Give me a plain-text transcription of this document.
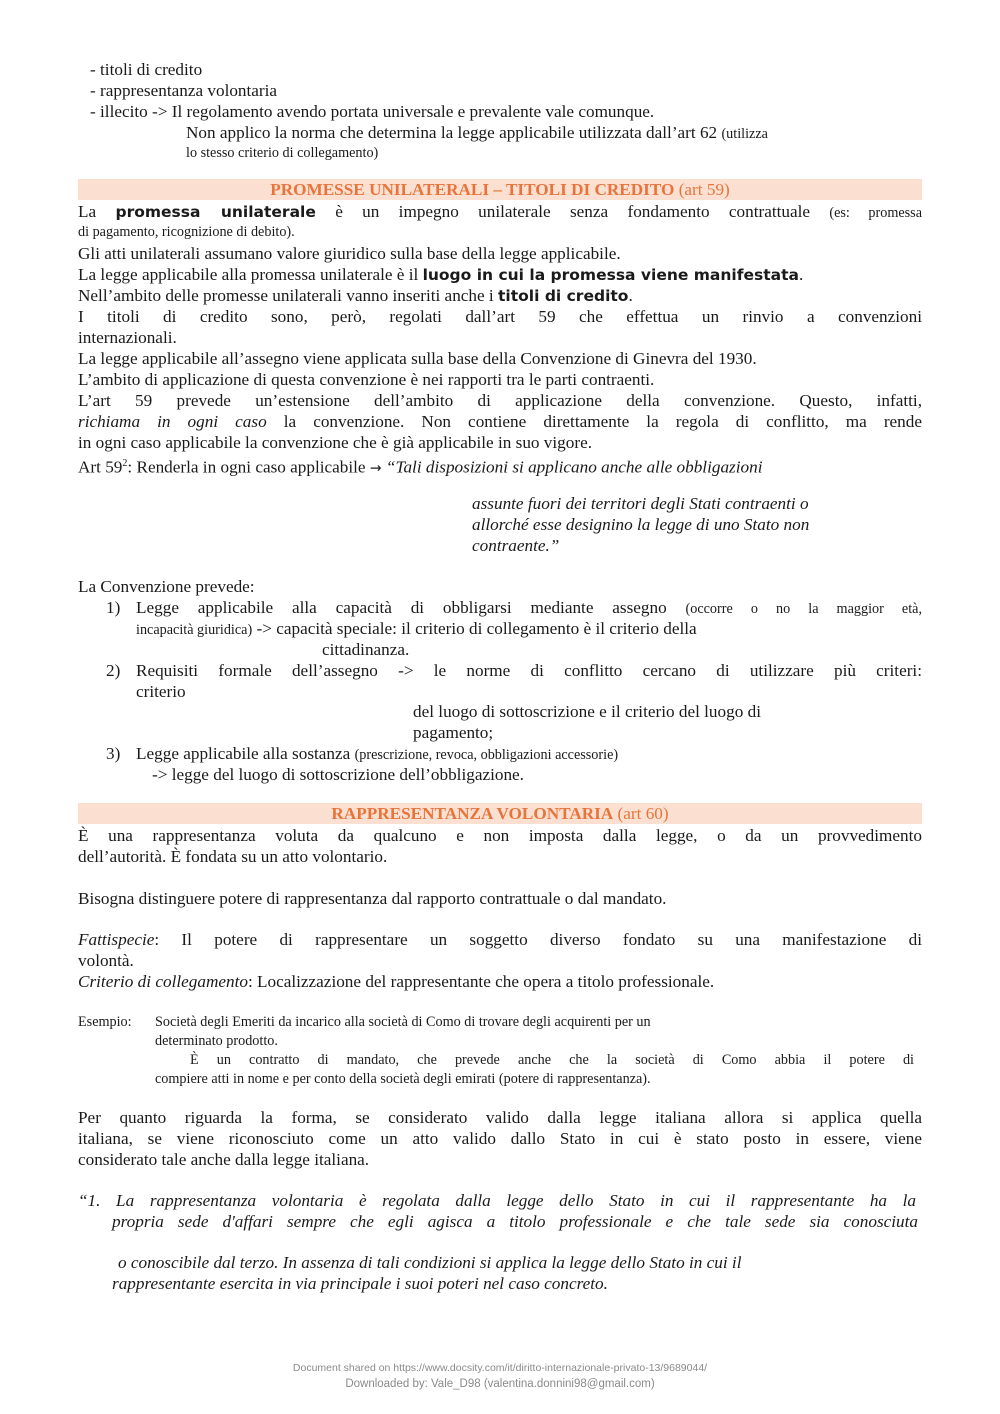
- titoli di credito
- rappresentanza volontaria
- illecito -> Il regolamento avendo portata universale e prevalente vale comunque.
Non applico la norma che determina la legge applicabile utilizzata dall’art 62 (utilizza
lo stesso criterio di collegamento)
PROMESSE UNILATERALI – TITOLI DI CREDITO (art 59)
La promessa unilaterale è un impegno unilaterale senza fondamento contrattuale (es: promessa
di pagamento, ricognizione di debito).
Gli atti unilaterali assumano valore giuridico sulla base della legge applicabile.
La legge applicabile alla promessa unilaterale è il luogo in cui la promessa viene manifestata.
Nell’ambito delle promesse unilaterali vanno inseriti anche i titoli di credito.
I titoli di credito sono, però, regolati dall’art 59 che effettua un rinvio a convenzioni
internazionali.
La legge applicabile all’assegno viene applicata sulla base della Convenzione di Ginevra del 1930.
L’ambito di applicazione di questa convenzione è nei rapporti tra le parti contraenti.
L’art 59 prevede un’estensione dell’ambito di applicazione della convenzione. Questo, infatti,
richiama in ogni caso la convenzione. Non contiene direttamente la regola di conflitto, ma rende
in ogni caso applicabile la convenzione che è già applicabile in suo vigore.
Art $59^2$: Renderla in ogni caso applicabile → “Tali disposizioni si applicano anche alle obbligazioni
assunte fuori dei territori degli Stati contraenti o
allorché esse designino la legge di uno Stato non
contraente.”
La Convenzione prevede:
1) Legge applicabile alla capacità di obbligarsi mediante assegno (occorre o no la maggior età,
incapacità giuridica) -> capacità speciale: il criterio di collegamento è il criterio della
cittadinanza.
2) Requisiti formale dell’assegno -> le norme di conflitto cercano di utilizzare più criteri:
criterio
del luogo di sottoscrizione e il criterio del luogo di
pagamento;
3) Legge applicabile alla sostanza (prescrizione, revoca, obbligazioni accessorie)
-> legge del luogo di sottoscrizione dell’obbligazione.
RAPPRESENTANZA VOLONTARIA (art 60)
È una rappresentanza voluta da qualcuno e non imposta dalla legge, o da un provvedimento
dell’autorità. È fondata su un atto volontario.
Bisogna distinguere potere di rappresentanza dal rapporto contrattuale o dal mandato.
Fattispecie: Il potere di rappresentare un soggetto diverso fondato su una manifestazione di
volontà.
Criterio di collegamento: Localizzazione del rappresentante che opera a titolo professionale.
Esempio: Società degli Emeriti da incarico alla società di Como di trovare degli acquirenti per un
determinato prodotto.
È un contratto di mandato, che prevede anche che la società di Como abbia il potere di
compiere atti in nome e per conto della società degli emirati (potere di rappresentanza).
Per quanto riguarda la forma, se considerato valido dalla legge italiana allora si applica quella
italiana, se viene riconosciuto come un atto valido dallo Stato in cui è stato posto in essere, viene
considerato tale anche dalla legge italiana.
“1. La rappresentanza volontaria è regolata dalla legge dello Stato in cui il rappresentante ha la
propria sede d'affari sempre che egli agisca a titolo professionale e che tale sede sia conosciuta
o conoscibile dal terzo. In assenza di tali condizioni si applica la legge dello Stato in cui il
rappresentante esercita in via principale i suoi poteri nel caso concreto.
Document shared on https://www.docsity.com/it/diritto-internazionale-privato-13/9689044/
Downloaded by: Vale_D98 (valentina.donnini98@gmail.com)
